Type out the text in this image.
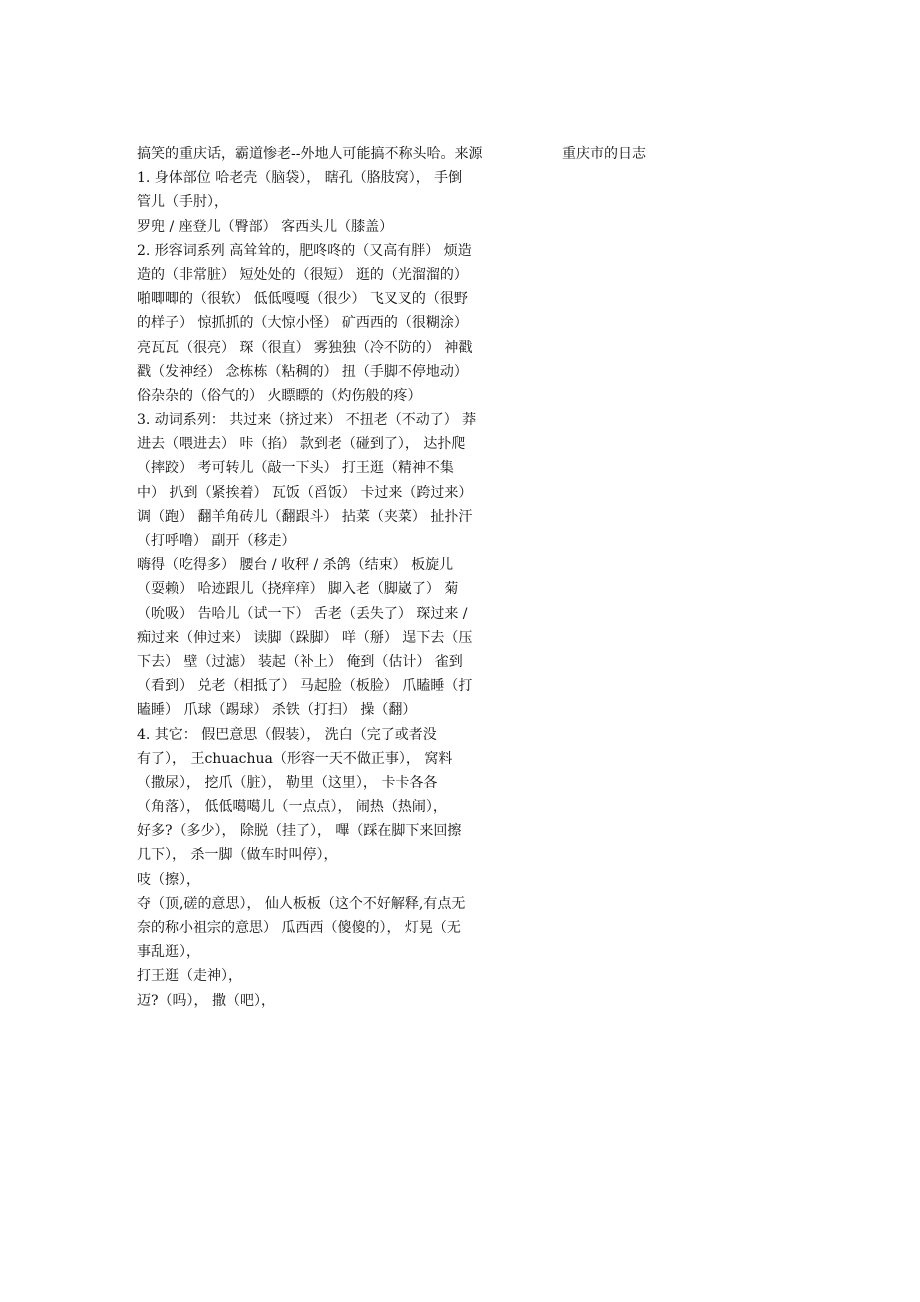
搞笑的重庆话，霸道惨老--外地人可能搞不称头哈。来源
1. 身体部位 哈老壳（脑袋）， 瞎孔（胳肢窝）， 手倒
管儿（手肘），
罗兜 / 座登儿（臀部） 客西头儿（膝盖）
2. 形容词系列 高耸耸的，肥咚咚的（又高有胖） 烦造
造的（非常脏） 短处处的（很短） 逛的（光溜溜的）
啪唧唧的（很软） 低低嘎嘎（很少） 飞叉叉的（很野
的样子） 惊抓抓的（大惊小怪） 矿西西的（很糊涂）
亮瓦瓦（很亮） 琛（很直） 雾独独（冷不防的） 神戳
戳（发神经） 念栋栋（粘稠的） 扭（手脚不停地动）
俗杂杂的（俗气的） 火瞟瞟的（灼伤般的疼）
3. 动词系列： 共过来（挤过来） 不扭老（不动了） 莽
进去（喂进去） 咔（掐） 款到老（碰到了）， 达扑爬
（摔跤） 考可转儿（敲一下头） 打王逛（精神不集
中） 扒到（紧挨着） 瓦饭（舀饭） 卡过来（跨过来）
调（跑） 翻羊角砖儿（翻跟斗） 拈菜（夹菜） 扯扑汗
（打呼噜） 副开（移走）
嗨得（吃得多） 腰台 / 收秤 / 杀鸽（结束） 板旋儿
（耍赖） 哈迹跟儿（挠痒痒） 脚入老（脚崴了） 菊
（吮吸） 告哈儿（试一下） 舌老（丢失了） 琛过来 /
痴过来（伸过来） 读脚（跺脚） 咩（掰） 逞下去（压
下去） 壁（过滤） 装起（补上） 俺到（估计） 雀到
（看到） 兑老（相抵了） 马起脸（板脸） 爪瞌睡（打
瞌睡） 爪球（踢球） 杀铁（打扫） 操（翻）
4. 其它： 假巴意思（假装）， 洗白（完了或者没
有了）， 王chuachua（形容一天不做正事）， 窝料
（撒尿）， 挖爪（脏）， 勒里（这里）， 卡卡各各
（角落）， 低低噶噶儿（一点点）， 闹热（热闹），
好多?（多少）， 除脱（挂了）， 嗶（踩在脚下来回擦
几下）， 杀一脚（做车时叫停），
吱（擦），
夺（顶,磋的意思）， 仙人板板（这个不好解释,有点无
奈的称小祖宗的意思） 瓜西西（傻傻的）， 灯晃（无
事乱逛），
打王逛（走神），
迈?（吗）， 撒（吧），
重庆市的日志
